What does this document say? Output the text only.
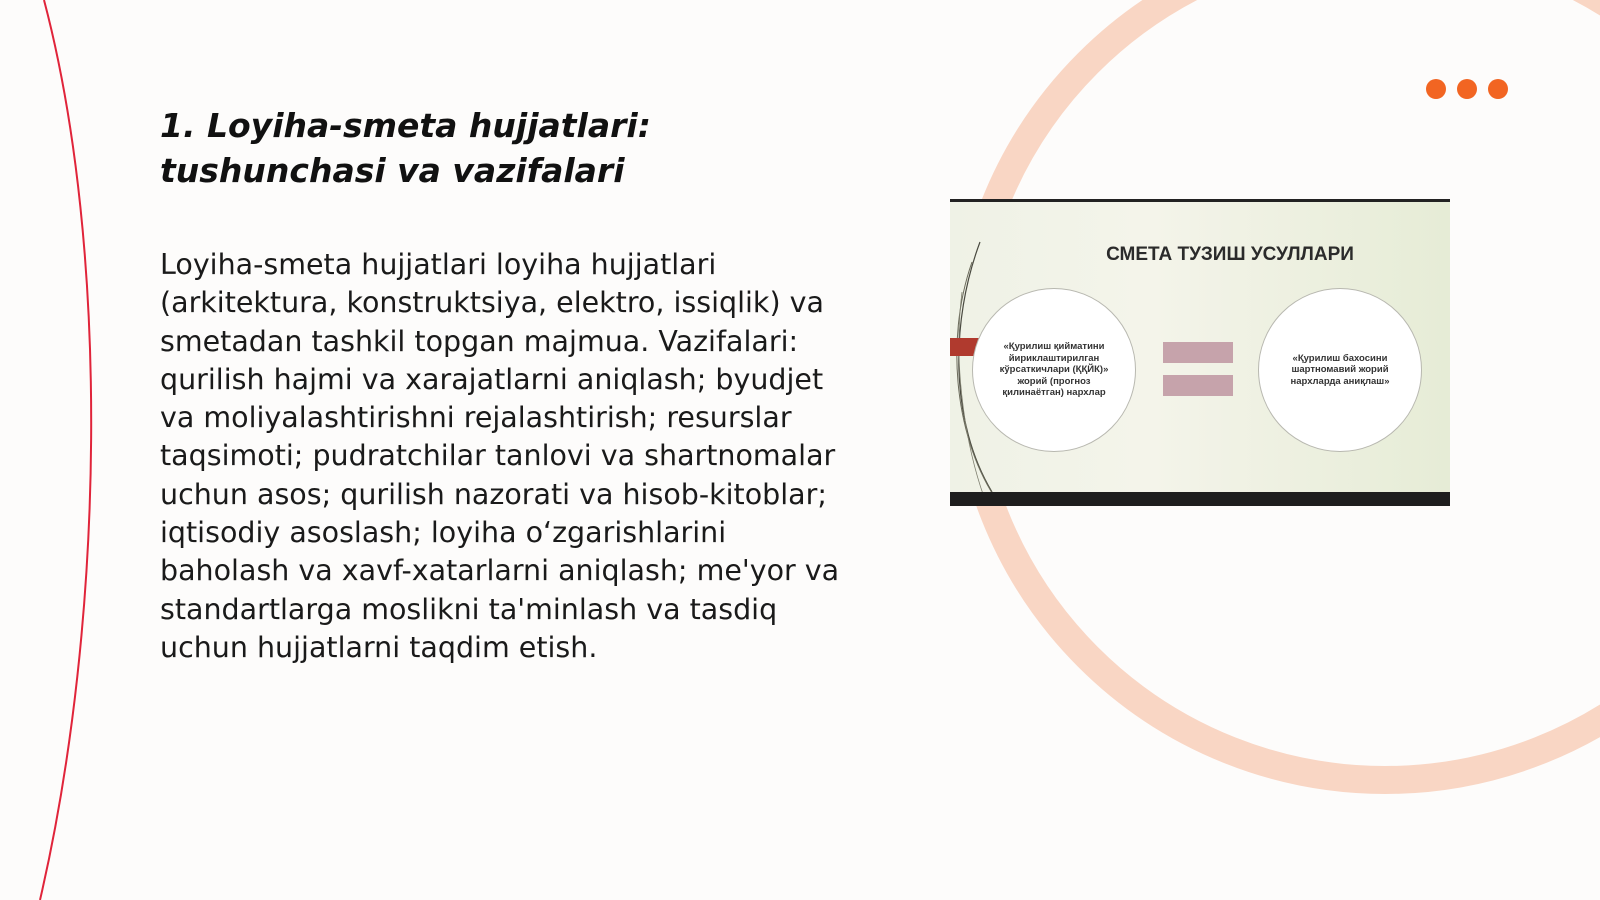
1. Loyiha-smeta hujjatlari:
tushunchasi va vazifalari

Loyiha-smeta hujjatlari loyiha hujjatlari (arkitektura, konstruktsiya, elektro, issiqlik) va smetadan tashkil topgan majmua. Vazifalari: qurilish hajmi va xarajatlarni aniqlash; byudjet va moliyalashtirishni rejalashtirish; resurslar taqsimoti; pudratchilar tanlovi va shartnomalar uchun asos; qurilish nazorati va hisob-kitoblar; iqtisodiy asoslash; loyiha o‘zgarishlarini baholash va xavf-xatarlarni aniqlash; me'yor va standartlarga moslikni ta'minlash va tasdiq uchun hujjatlarni taqdim etish.

СМЕТА ТУЗИШ УСУЛЛАРИ
«Қурилиш қийматини йириклаштирилган кўрсаткичлари (ҚҚЙК)» жорий (прогноз қилинаётган) нархлар
«Қурилиш бахосини шартномавий жорий нархларда аниқлаш»
